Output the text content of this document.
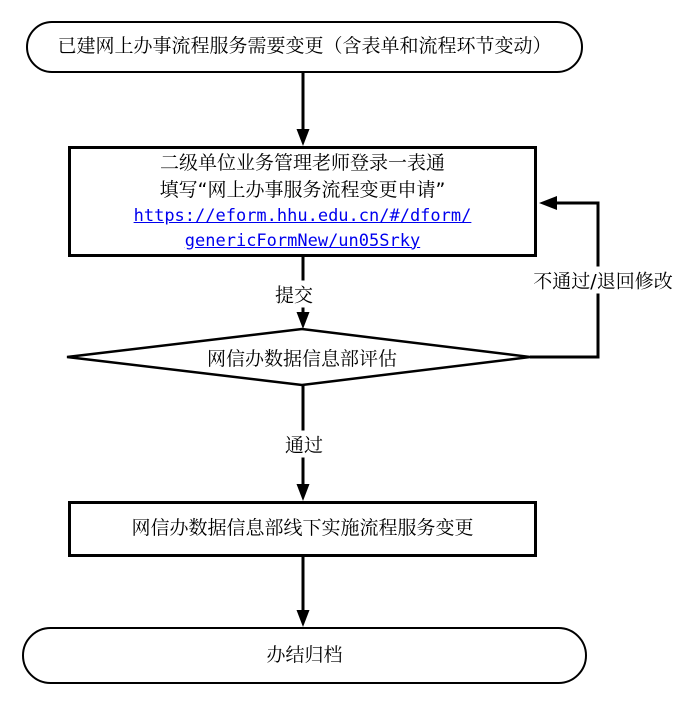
已建网上办事流程服务需要变更（含表单和流程环节变动）
二级单位业务管理老师登录一表通
填写“网上办事服务流程变更申请”
https://eform.hhu.edu.cn/#/dform/
genericFormNew/un05Srky
网信办数据信息部评估
网信办数据信息部线下实施流程服务变更
办结归档
提交
通过
不通过/退回修改
